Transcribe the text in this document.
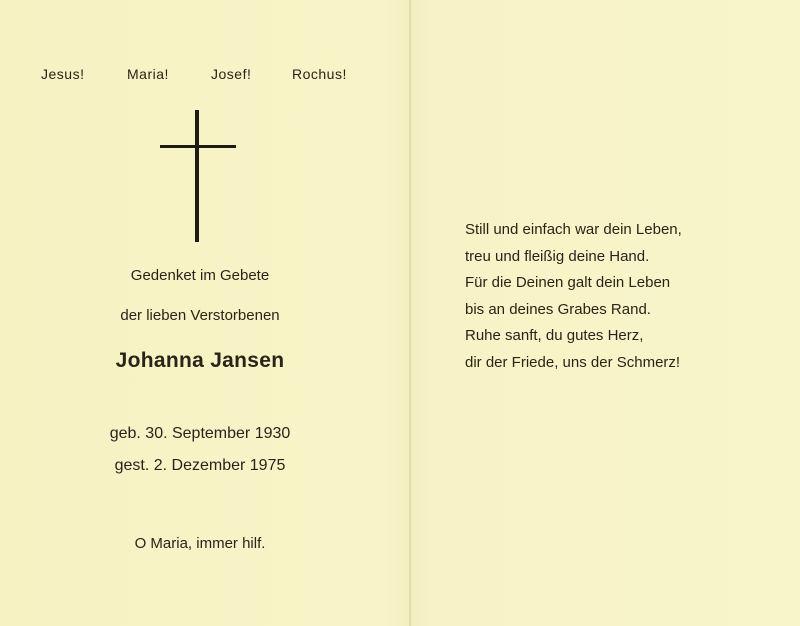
Jesus!	Maria!	Josef!	Rochus!
Gedenket im Gebete
der lieben Verstorbenen
Johanna Jansen
geb. 30. September 1930
gest. 2. Dezember 1975
O Maria, immer hilf.
Still und einfach war dein Leben,
treu und fleißig deine Hand.
Für die Deinen galt dein Leben
bis an deines Grabes Rand.
Ruhe sanft, du gutes Herz,
dir der Friede, uns der Schmerz!
